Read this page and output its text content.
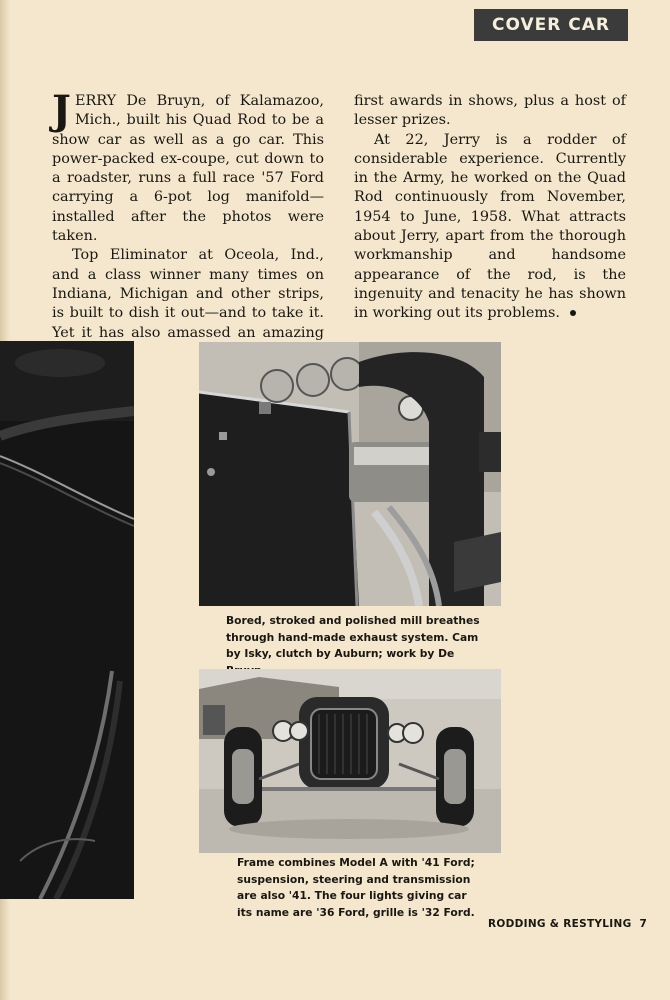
COVER CAR

JERRY De Bruyn, of Kalamazoo, Mich., built his Quad Rod to be a show car as well as a go car. This power-packed ex-coupe, cut down to a roadster, runs a full race '57 Ford carrying a 6-pot log manifold—installed after the photos were taken.

Top Eliminator at Oceola, Ind., and a class winner many times on Indiana, Michigan and other strips, is built to dish it out—and to take it. Yet it has also amassed an amazing

first awards in shows, plus a host of lesser prizes.

At 22, Jerry is a rodder of considerable experience. Currently in the Army, he worked on the Quad Rod continuously from November, 1954 to June, 1958. What attracts about Jerry, apart from the thorough workmanship and handsome appearance of the rod, is the ingenuity and tenacity he has shown in working out its problems.

Bored, stroked and polished mill breathes through hand-made exhaust system. Cam by Isky, clutch by Auburn; work by De
Frame combines Model A with '41 Ford; suspension, steering and transmission are also '41. The four lights giving car its name are '36 Ford, grille is '32 Ford.
RODDING & RESTYLING 7
